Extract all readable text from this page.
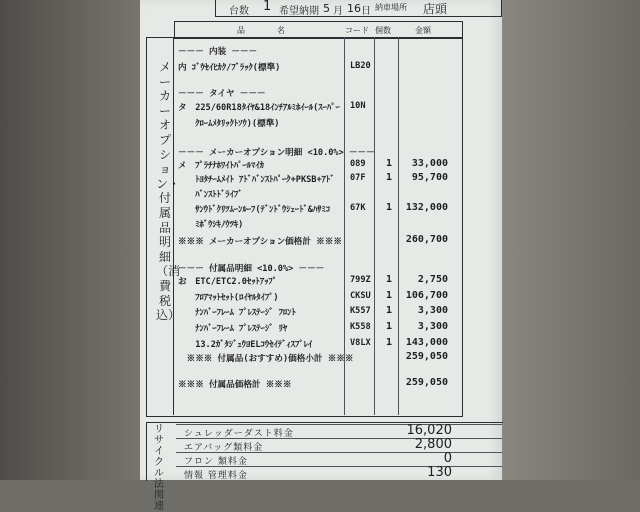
台数 1 希望納期 5 月 16 日 納車場所 店頭
品　　　名	コード 個数	金額
メーカーオプション・付属品明細（消費税込）
－－－ 内装 －－－
内 ｺﾞｳｾｲﾋｶｸ/ﾌﾞﾗｯｸ(標準)	LB20
－－－ タイヤ －－－
タ　225/60R18ﾀｲﾔ&18ｲﾝﾁｱﾙﾐﾎｲｰﾙ(ｽｰﾊﾟｰ 10N
　　ｸﾛｰﾑﾒﾀﾘｯｸﾄｿｳ)(標準)
－－－ メーカーオプション明細 <10.0%> －－－
メ　ﾌﾟﾗﾁﾅﾎﾜｲﾄﾊﾟｰﾙﾏｲｶ	089 1 33,000
　　ﾄﾖﾀﾁｰﾑﾒｲﾄ ｱﾄﾞﾊﾞﾝｽﾄﾊﾟｰｸ+PKSB+ｱﾄﾞ 07F 1 95,700
　　ﾊﾞﾝｽﾄﾄﾞﾗｲﾌﾞ
　　ｻﾝｳﾄﾞｸﾘﾂﾑｰﾝﾙｰﾌ(ﾃﾞﾝﾄﾞｳｼｪｰﾄﾞ&ﾊｻﾐｺ 67K 1 132,000
　　ﾐﾎﾞｳｼｷﾉｳﾂｷ)
※※※ メーカーオプション価格計 ※※※	260,700
－－－ 付属品明細 <10.0%> －－－
お　ETC/ETC2.0ｾｯﾄｱｯﾌﾟ	799Z 1	2,750
　　ﾌﾛｱﾏｯﾄｾｯﾄ(ﾛｲﾔﾙﾀｲﾌﾟ)	CKSU 1 106,700
　　ﾅﾝﾊﾞｰﾌﾚｰﾑ ﾌﾟﾚｽﾃｰｼﾞ ﾌﾛﾝﾄ	K557 1	3,300
　　ﾅﾝﾊﾞｰﾌﾚｰﾑ ﾌﾟﾚｽﾃｰｼﾞ ﾘﾔ	K558 1	3,300
　　13.2ｶﾞﾀｼﾞｭｳﾖELｺｳｾｲﾃﾞｨｽﾌﾟﾚｲ	V8LX 1 143,000
　※※※ 付属品(おすすめ)価格小計 ※※※	259,050
※※※ 付属品価格計 ※※※	259,050
リサイクル法関連
シュレッダーダスト料金	16,020
エアバッグ類料金	2,800
フロン 類料金	0
情報 管理料金	130
